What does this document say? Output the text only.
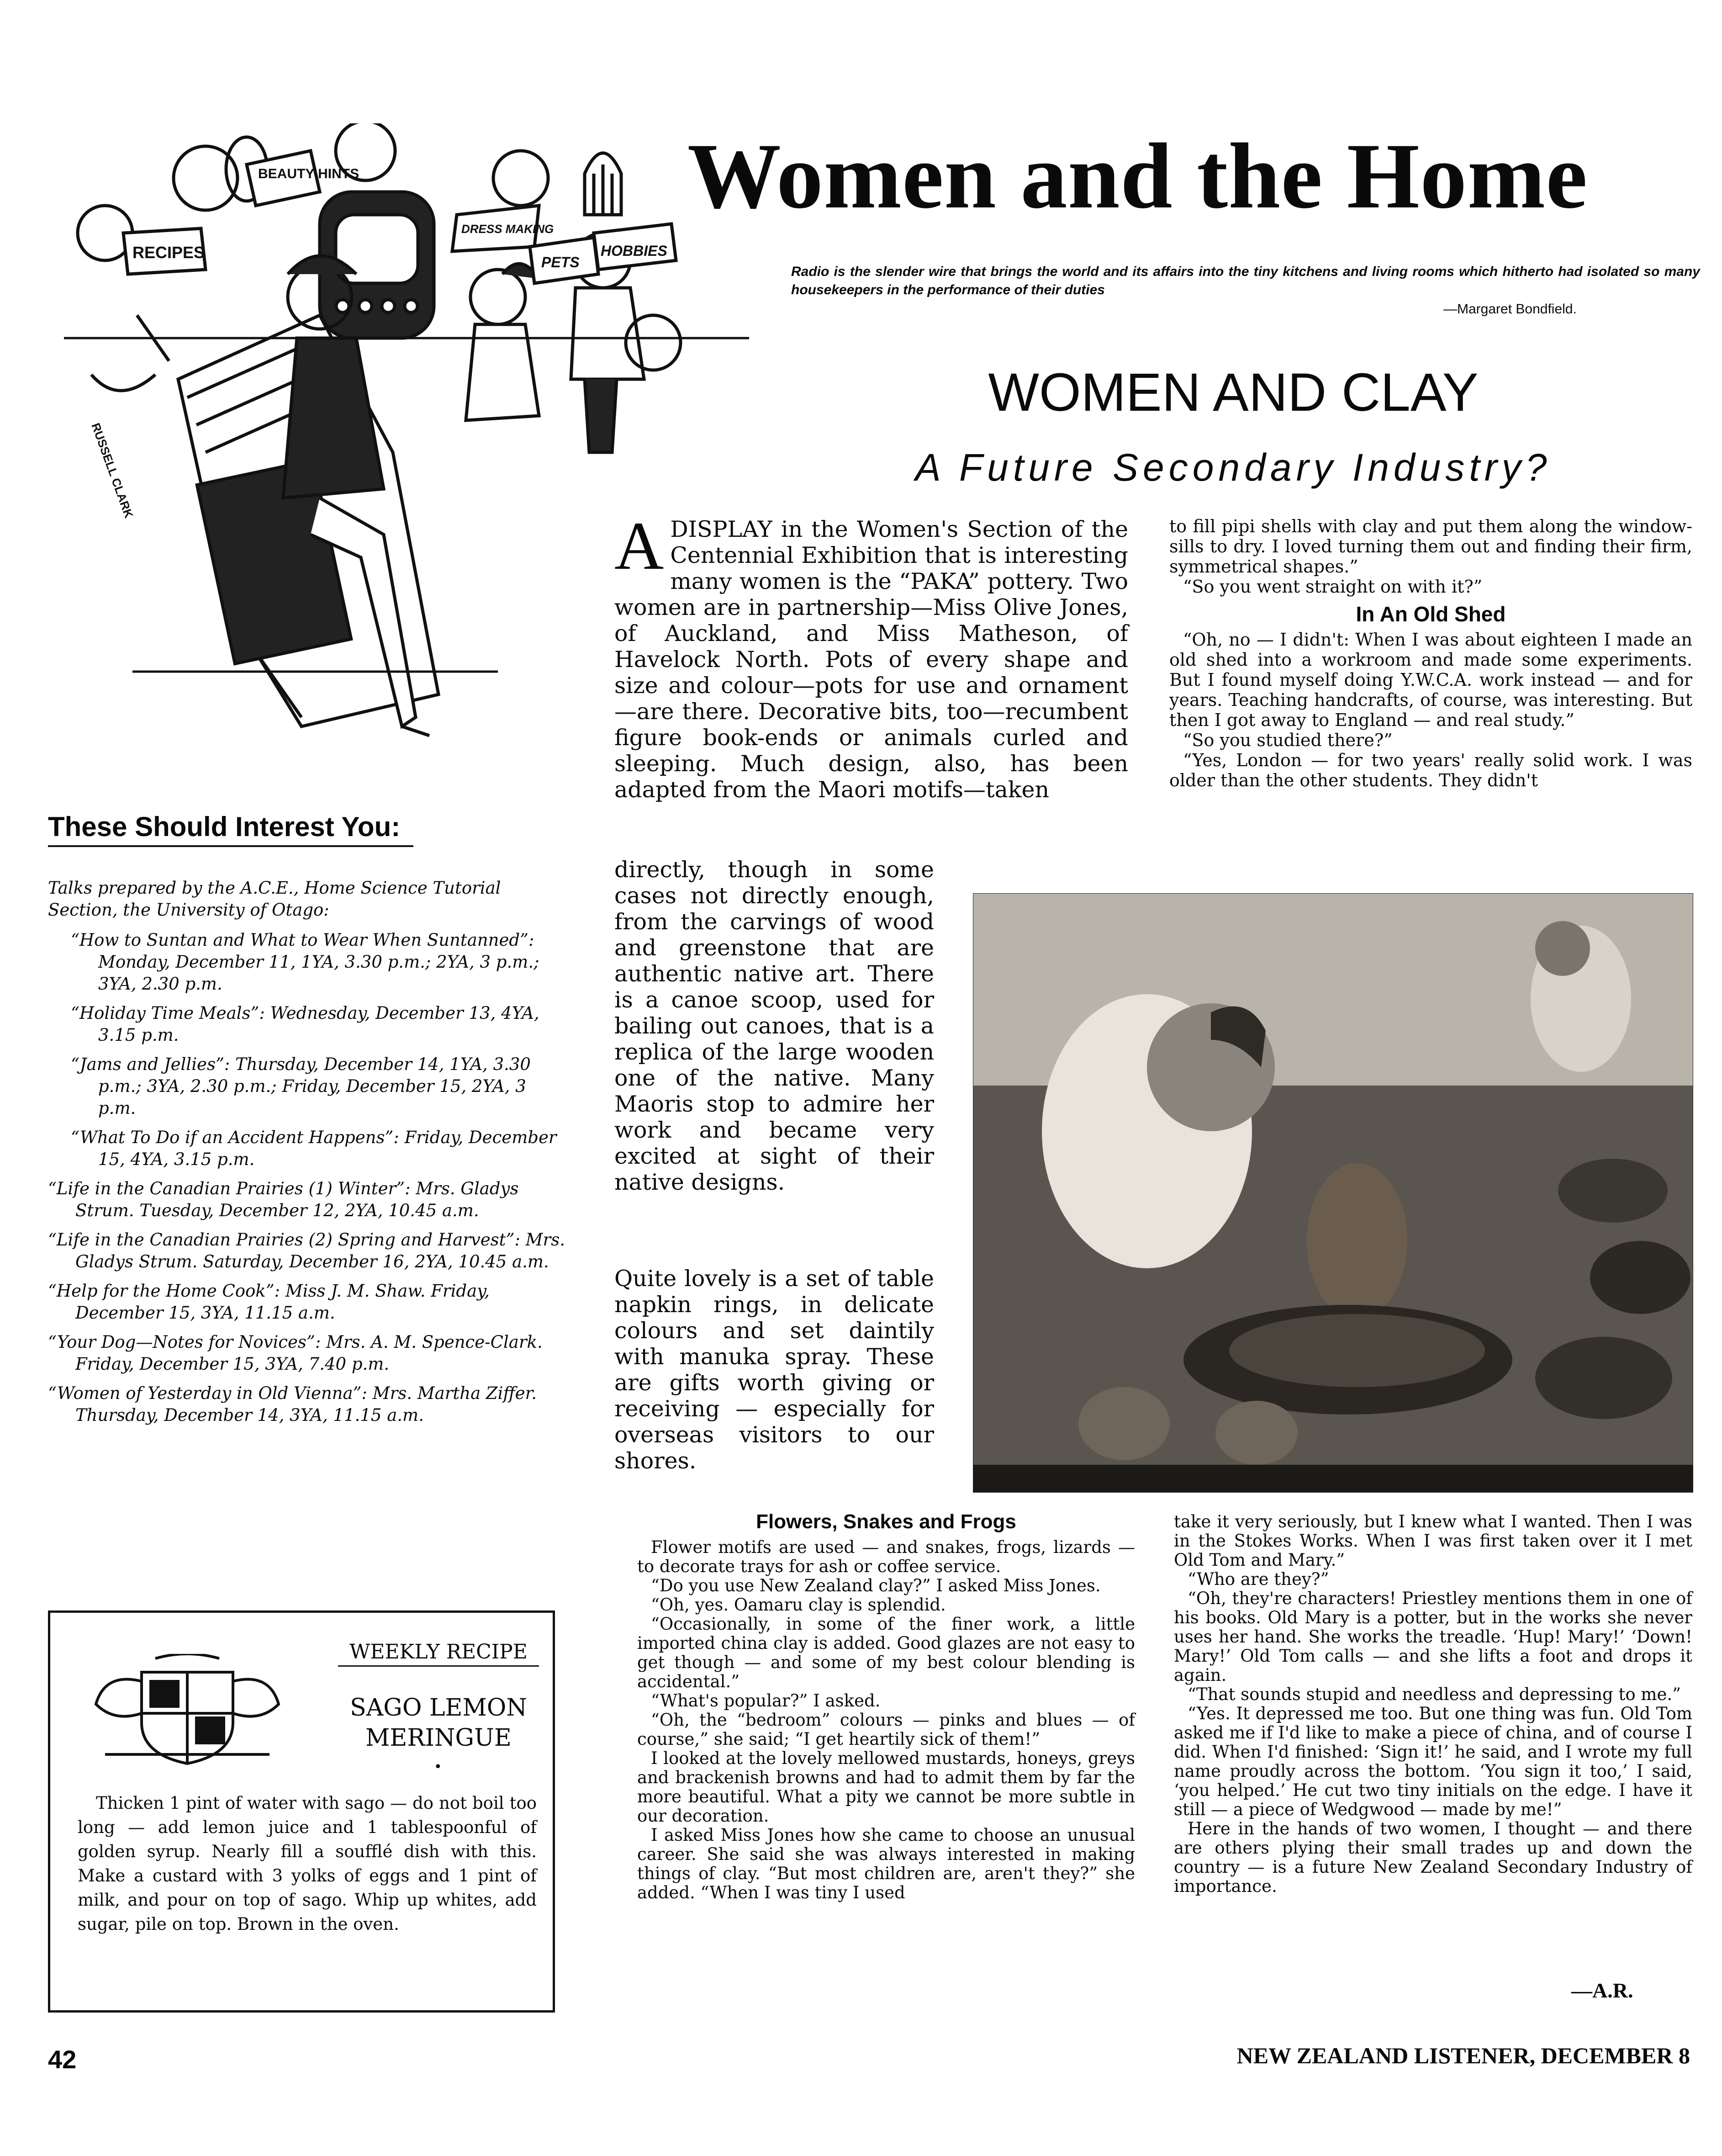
Women and the Home
Radio is the slender wire that brings the world and its affairs into the tiny kitchens and living rooms which hitherto had isolated so many housekeepers in the performance of their duties
—Margaret Bondfield.
BEAUTY HINTS
RECIPES
DRESS MAKING
PETS
HOBBIES
RUSSELL CLARK
WOMEN AND CLAY
A Future Secondary Industry?
A DISPLAY in the Women's Section of the Centennial Exhibition that is interesting many women is the “PAKA” pottery. Two women are in partnership—Miss Olive Jones, of Auckland, and Miss Matheson, of Havelock North. Pots of every shape and size and colour—pots for use and ornament—are there. Decorative bits, too—recumbent figure book-ends or animals curled and sleeping. Much design, also, has been adapted from the Maori motifs—taken
directly, though in some cases not directly enough, from the carvings of wood and greenstone that are authentic native art. There is a canoe scoop, used for bailing out canoes, that is a replica of the large wooden one of the native. Many Maoris stop to admire her work and became very excited at sight of their native designs.
Quite lovely is a set of table napkin rings, in delicate colours and set daintily with manuka spray. These are gifts worth giving or receiving — especially for overseas visitors to our shores.

to fill pipi shells with clay and put them along the window-sills to dry. I loved turning them out and finding their firm, symmetrical shapes.”

“So you went straight on with it?”

In An Old Shed

“Oh, no — I didn't: When I was about eighteen I made an old shed into a workroom and made some experiments. But I found myself doing Y.W.C.A. work instead — and for years. Teaching handcrafts, of course, was interesting. But then I got away to England — and real study.”

“So you studied there?”

“Yes, London — for two years' really solid work. I was older than the other students. They didn't

Flowers, Snakes and Frogs

Flower motifs are used — and snakes, frogs, lizards — to decorate trays for ash or coffee service.

“Do you use New Zealand clay?” I asked Miss Jones.

“Oh, yes. Oamaru clay is splendid.

“Occasionally, in some of the finer work, a little imported china clay is added. Good glazes are not easy to get though — and some of my best colour blending is accidental.”

“What's popular?” I asked.

“Oh, the “bedroom” colours — pinks and blues — of course,” she said; “I get heartily sick of them!”

I looked at the lovely mellowed mustards, honeys, greys and brackenish browns and had to admit them by far the more beautiful. What a pity we cannot be more subtle in our decoration.

I asked Miss Jones how she came to choose an unusual career. She said she was always interested in making things of clay. “But most children are, aren't they?” she added. “When I was tiny I used

take it very seriously, but I knew what I wanted. Then I was in the Stokes Works. When I was first taken over it I met Old Tom and Mary.”

“Who are they?”

“Oh, they're characters! Priestley mentions them in one of his books. Old Mary is a potter, but in the works she never uses her hand. She works the treadle. ‘Hup! Mary!’ ‘Down! Mary!’ Old Tom calls — and she lifts a foot and drops it again.

“That sounds stupid and needless and depressing to me.”

“Yes. It depressed me too. But one thing was fun. Old Tom asked me if I'd like to make a piece of china, and of course I did. When I'd finished: ‘Sign it!’ he said, and I wrote my full name proudly across the bottom. ‘You sign it too,’ I said, ‘you helped.’ He cut two tiny initials on the edge. I have it still — a piece of Wedgwood — made by me!”

Here in the hands of two women, I thought — and there are others plying their small trades up and down the country — is a future New Zealand Secondary Industry of importance.

—A.R.
These Should Interest You:

Talks prepared by the A.C.E., Home Science Tutorial Section, the University of Otago:

“How to Suntan and What to Wear When Suntanned”: Monday, December 11, 1YA, 3.30 p.m.; 2YA, 3 p.m.; 3YA, 2.30 p.m.

“Holiday Time Meals”: Wednesday, December 13, 4YA, 3.15 p.m.

“Jams and Jellies”: Thursday, December 14, 1YA, 3.30 p.m.; 3YA, 2.30 p.m.; Friday, December 15, 2YA, 3 p.m.

“What To Do if an Accident Happens”: Friday, December 15, 4YA, 3.15 p.m.

“Life in the Canadian Prairies (1) Winter”: Mrs. Gladys Strum. Tuesday, December 12, 2YA, 10.45 a.m.

“Life in the Canadian Prairies (2) Spring and Harvest”: Mrs. Gladys Strum. Saturday, December 16, 2YA, 10.45 a.m.

“Help for the Home Cook”: Miss J. M. Shaw. Friday, December 15, 3YA, 11.15 a.m.

“Your Dog—Notes for Novices”: Mrs. A. M. Spence-Clark. Friday, December 15, 3YA, 7.40 p.m.

“Women of Yesterday in Old Vienna”: Mrs. Martha Ziffer. Thursday, December 14, 3YA, 11.15 a.m.

WEEKLY RECIPE
SAGO LEMON MERINGUE
•
Thicken 1 pint of water with sago — do not boil too long — add lemon juice and 1 tablespoonful of golden syrup. Nearly fill a soufflé dish with this. Make a custard with 3 yolks of eggs and 1 pint of milk, and pour on top of sago. Whip up whites, add sugar, pile on top. Brown in the oven.
42	NEW ZEALAND LISTENER, DECEMBER 8
